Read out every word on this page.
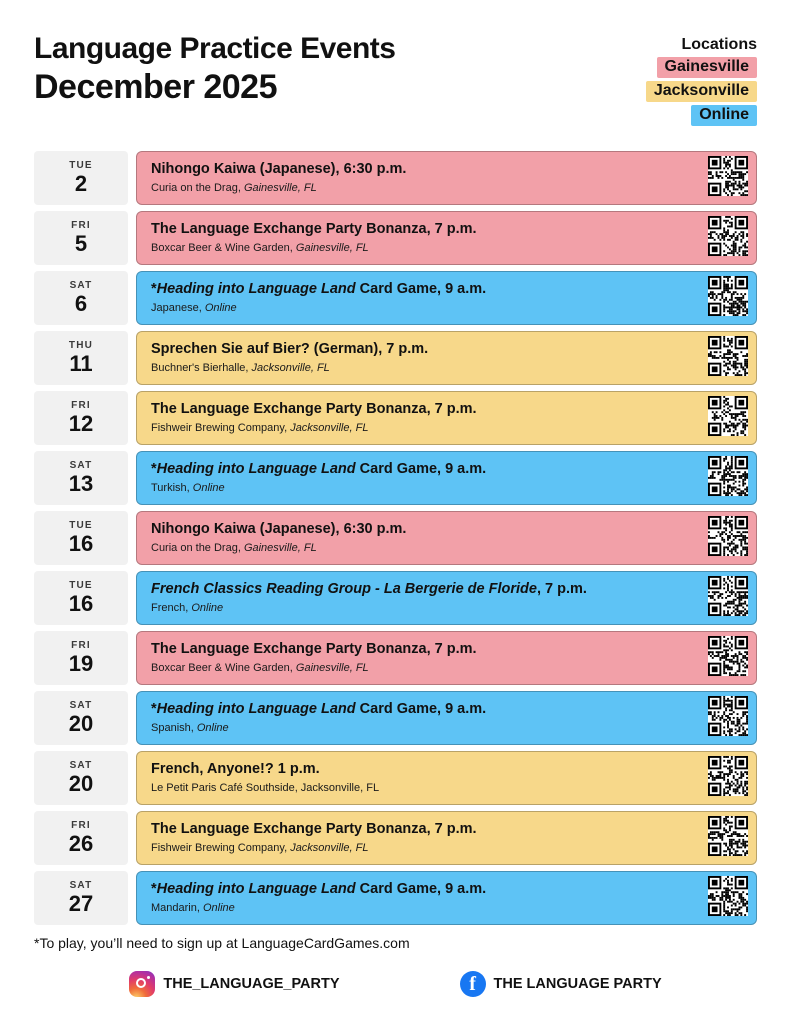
Language Practice Events
December 2025
Locations
Gainesville
Jacksonville
Online
TUE
2
Nihongo Kaiwa (Japanese), 6:30 p.m.
Curia on the Drag, Gainesville, FL
FRI
5
The Language Exchange Party Bonanza, 7 p.m.
Boxcar Beer & Wine Garden, Gainesville, FL
SAT
6
*Heading into Language Land Card Game, 9 a.m.
Japanese, Online
THU
11
Sprechen Sie auf Bier? (German), 7 p.m.
Buchner's Bierhalle, Jacksonville, FL
FRI
12
The Language Exchange Party Bonanza, 7 p.m.
Fishweir Brewing Company, Jacksonville, FL
SAT
13
*Heading into Language Land Card Game, 9 a.m.
Turkish, Online
TUE
16
Nihongo Kaiwa (Japanese), 6:30 p.m.
Curia on the Drag, Gainesville, FL
TUE
16
French Classics Reading Group - La Bergerie de Floride, 7 p.m.
French, Online
FRI
19
The Language Exchange Party Bonanza, 7 p.m.
Boxcar Beer & Wine Garden, Gainesville, FL
SAT
20
*Heading into Language Land Card Game, 9 a.m.
Spanish, Online
SAT
20
French, Anyone!? 1 p.m.
Le Petit Paris Café Southside, Jacksonville, FL
FRI
26
The Language Exchange Party Bonanza, 7 p.m.
Fishweir Brewing Company, Jacksonville, FL
SAT
27
*Heading into Language Land Card Game, 9 a.m.
Mandarin, Online
*To play, you’ll need to sign up at LanguageCardGames.com
THE_LANGUAGE_PARTY	f	THE LANGUAGE PARTY
